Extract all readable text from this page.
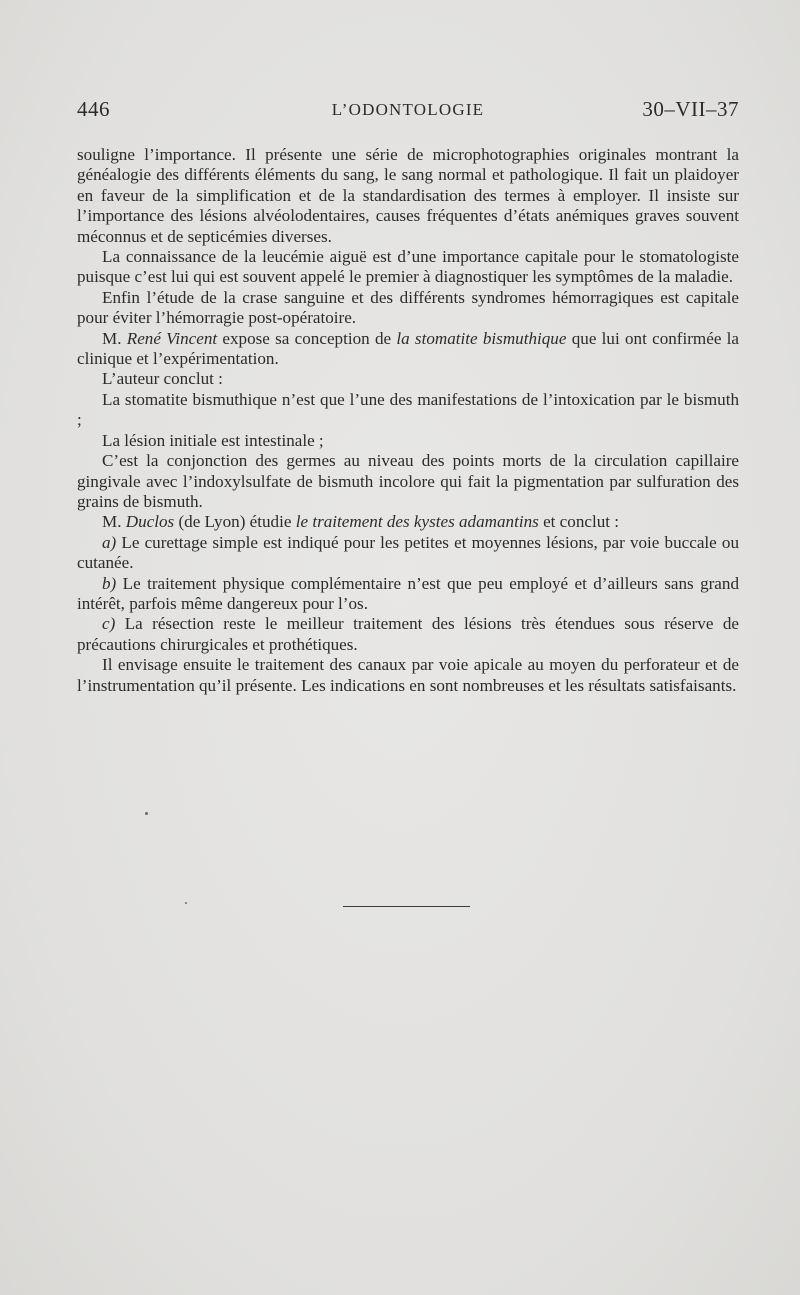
446	L’ODONTOLOGIE	30–VII–37

souligne l’importance. Il présente une série de microphotographies originales montrant la généalogie des différents éléments du sang, le sang normal et pathologique. Il fait un plaidoyer en faveur de la simplification et de la standardisation des termes à employer. Il insiste sur l’importance des lésions alvéolodentaires, causes fréquentes d’états anémiques graves souvent méconnus et de septicémies diverses.

La connaissance de la leucémie aiguë est d’une importance capitale pour le stomatologiste puisque c’est lui qui est souvent appelé le premier à diagnostiquer les symptômes de la maladie.

Enfin l’étude de la crase sanguine et des différents syndromes hémorragiques est capitale pour éviter l’hémorragie post-opératoire.

M. René Vincent expose sa conception de la stomatite bismuthique que lui ont confirmée la clinique et l’expérimentation.

L’auteur conclut :

La stomatite bismuthique n’est que l’une des manifestations de l’intoxication par le bismuth ;

La lésion initiale est intestinale ;

C’est la conjonction des germes au niveau des points morts de la circulation capillaire gingivale avec l’indoxylsulfate de bismuth incolore qui fait la pigmentation par sulfuration des grains de bismuth.

M. Duclos (de Lyon) étudie le traitement des kystes adamantins et conclut :

a) Le curettage simple est indiqué pour les petites et moyennes lésions, par voie buccale ou cutanée.

b) Le traitement physique complémentaire n’est que peu employé et d’ailleurs sans grand intérêt, parfois même dangereux pour l’os.

c) La résection reste le meilleur traitement des lésions très étendues sous réserve de précautions chirurgicales et prothétiques.

Il envisage ensuite le traitement des canaux par voie apicale au moyen du perforateur et de l’instrumentation qu’il présente. Les indications en sont nombreuses et les résultats satisfaisants.
